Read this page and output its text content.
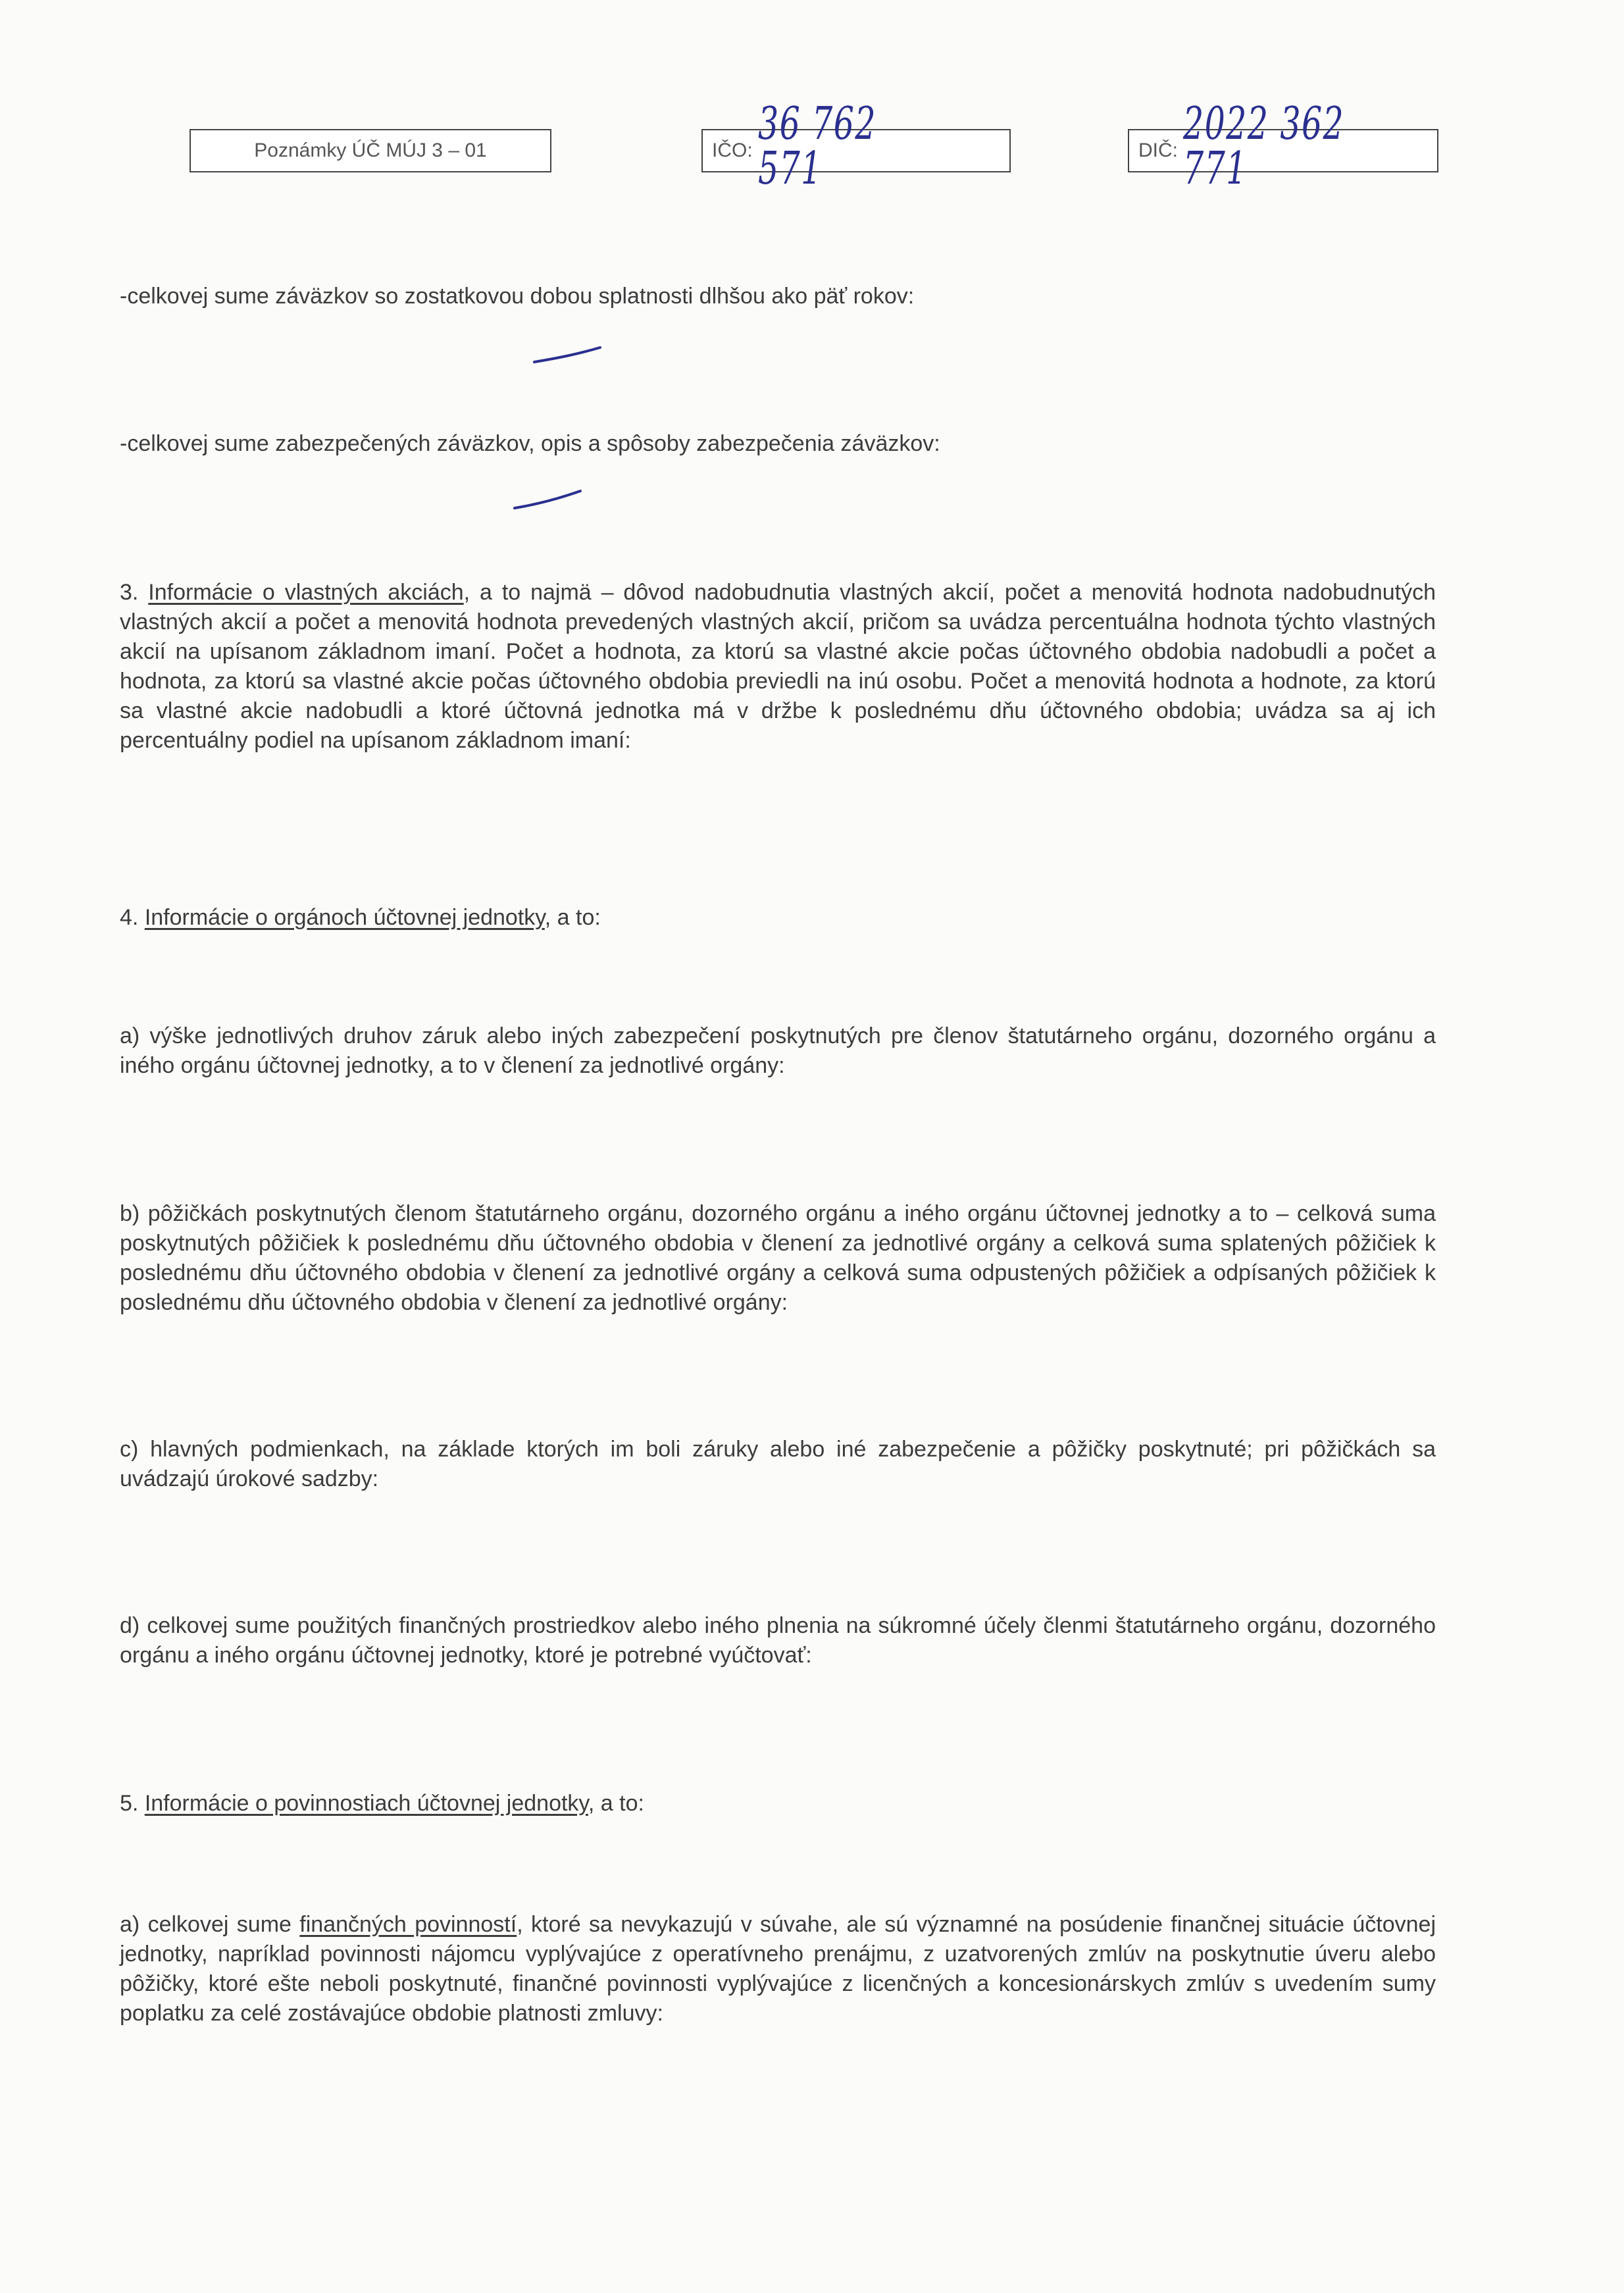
Poznámky ÚČ MÚJ 3 – 01	IČO:
36 762 571	DIČ:
2022 362 771
-celkovej sume záväzkov so zostatkovou dobou splatnosti dlhšou ako päť rokov:
-celkovej sume zabezpečených záväzkov, opis a spôsoby zabezpečenia záväzkov:
3. Informácie o vlastných akciách, a to najmä – dôvod nadobudnutia vlastných akcií, počet a menovitá hodnota nadobudnutých vlastných akcií a počet a menovitá hodnota prevedených vlastných akcií, pričom sa uvádza percentuálna hodnota týchto vlastných akcií na upísanom základnom imaní. Počet a hodnota, za ktorú sa vlastné akcie počas účtovného obdobia nadobudli a počet a hodnota, za ktorú sa vlastné akcie počas účtovného obdobia previedli na inú osobu. Počet a menovitá hodnota a hodnote, za ktorú sa vlastné akcie nadobudli a ktoré účtovná jednotka má v držbe k poslednému dňu účtovného obdobia; uvádza sa aj ich percentuálny podiel na upísanom základnom imaní:
4. Informácie o orgánoch účtovnej jednotky, a to:
a) výške jednotlivých druhov záruk alebo iných zabezpečení poskytnutých pre členov štatutárneho orgánu, dozorného orgánu a iného orgánu účtovnej jednotky, a to v členení za jednotlivé orgány:
b) pôžičkách poskytnutých členom štatutárneho orgánu, dozorného orgánu a iného orgánu účtovnej jednotky a to – celková suma poskytnutých pôžičiek k poslednému dňu účtovného obdobia v členení za jednotlivé orgány a celková suma splatených pôžičiek k poslednému dňu účtovného obdobia v členení za jednotlivé orgány a celková suma odpustených pôžičiek a odpísaných pôžičiek k poslednému dňu účtovného obdobia v členení za jednotlivé orgány:
c) hlavných podmienkach, na základe ktorých im boli záruky alebo iné zabezpečenie a pôžičky poskytnuté; pri pôžičkách sa uvádzajú úrokové sadzby:
d) celkovej sume použitých finančných prostriedkov alebo iného plnenia na súkromné účely členmi štatutárneho orgánu, dozorného orgánu a iného orgánu účtovnej jednotky, ktoré je potrebné vyúčtovať:
5. Informácie o povinnostiach účtovnej jednotky, a to:
a) celkovej sume finančných povinností, ktoré sa nevykazujú v súvahe, ale sú významné na posúdenie finančnej situácie účtovnej jednotky, napríklad povinnosti nájomcu vyplývajúce z operatívneho prenájmu, z uzatvorených zmlúv na poskytnutie úveru alebo pôžičky, ktoré ešte neboli poskytnuté, finančné povinnosti vyplývajúce z licenčných a koncesionárskych zmlúv s uvedením sumy poplatku za celé zostávajúce obdobie platnosti zmluvy:
